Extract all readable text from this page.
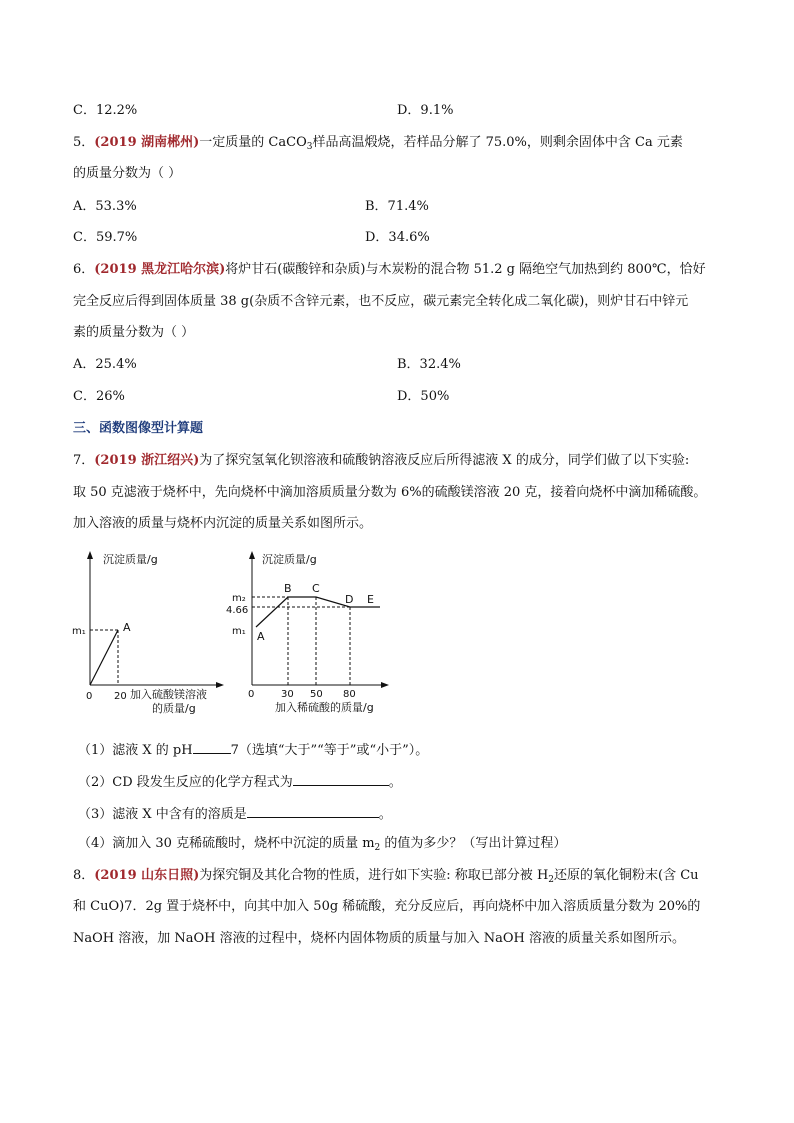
C．12.2%	D．9.1%
5．(2019 湖南郴州)一定质量的 CaCO$_3$样品高温煅烧，若样品分解了 75.0%，则剩余固体中含 Ca 元素
的质量分数为（ ）
A．53.3%	B．71.4%
C．59.7%	D．34.6%
6．(2019 黑龙江哈尔滨)将炉甘石(碳酸锌和杂质)与木炭粉的混合物 51.2 g 隔绝空气加热到约 800℃，恰好
完全反应后得到固体质量 38 g(杂质不含锌元素，也不反应，碳元素完全转化成二氧化碳)，则炉甘石中锌元
素的质量分数为（ ）
A．25.4%	B．32.4%
C．26%	D．50%
三、函数图像型计算题
7．(2019 浙江绍兴)为了探究氢氧化钡溶液和硫酸钠溶液反应后所得滤液 X 的成分，同学们做了以下实验:
取 50 克滤液于烧杯中，先向烧杯中滴加溶质质量分数为 6%的硫酸镁溶液 20 克，接着向烧杯中滴加稀硫酸。
加入溶液的质量与烧杯内沉淀的质量关系如图所示。
沉淀质量/g
0 20 加入硫酸镁溶液
的质量/g
m₁	A
沉淀质量/g
m₂
4.66
m₁
0	30 50 80
加入稀硫酸的质量/g
A
B C
D E
（1）滤液 X 的 pH	7（选填“大于”“等于”或“小于”）。
（2）CD 段发生反应的化学方程式为	。
（3）滤液 X 中含有的溶质是	。
（4）滴加入 30 克稀硫酸时，烧杯中沉淀的质量 $m_2$ 的值为多少？（写出计算过程）
8．(2019 山东日照)为探究铜及其化合物的性质，进行如下实验: 称取已部分被 $H_2$还原的氧化铜粉末(含 Cu
和 CuO)7．2g 置于烧杯中，向其中加入 50g 稀硫酸，充分反应后，再向烧杯中加入溶质质量分数为 20%的
NaOH 溶液，加 NaOH 溶液的过程中，烧杯内固体物质的质量与加入 NaOH 溶液的质量关系如图所示。
